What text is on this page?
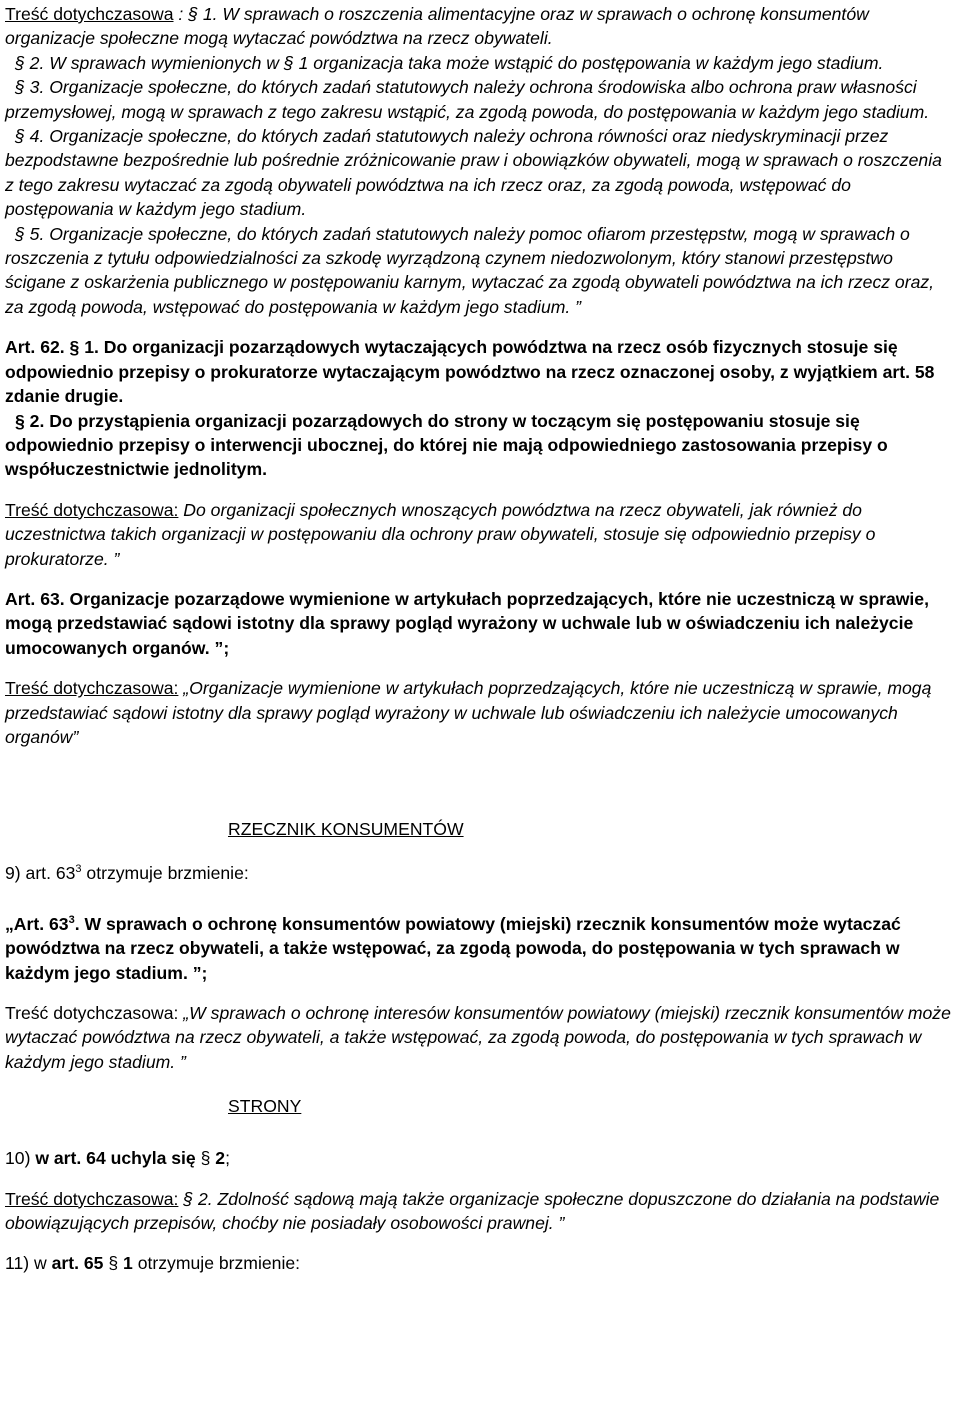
Treść dotychczasowa : § 1. W sprawach o roszczenia alimentacyjne oraz w sprawach o ochronę konsumentów organizacje społeczne mogą wytaczać powództwa na rzecz obywateli.

§ 2. W sprawach wymienionych w § 1 organizacja taka może wstąpić do postępowania w każdym jego stadium.

§ 3. Organizacje społeczne, do których zadań statutowych należy ochrona środowiska albo ochrona praw własności przemysłowej, mogą w sprawach z tego zakresu wstąpić, za zgodą powoda, do postępowania w każdym jego stadium.

§ 4. Organizacje społeczne, do których zadań statutowych należy ochrona równości oraz niedyskryminacji przez bezpodstawne bezpośrednie lub pośrednie zróżnicowanie praw i obowiązków obywateli, mogą w sprawach o roszczenia z tego zakresu wytaczać za zgodą obywateli powództwa na ich rzecz oraz, za zgodą powoda, wstępować do postępowania w każdym jego stadium.

§ 5. Organizacje społeczne, do których zadań statutowych należy pomoc ofiarom przestępstw, mogą w sprawach o roszczenia z tytułu odpowiedzialności za szkodę wyrządzoną czynem niedozwolonym, który stanowi przestępstwo ścigane z oskarżenia publicznego w postępowaniu karnym, wytaczać za zgodą obywateli powództwa na ich rzecz oraz, za zgodą powoda, wstępować do postępowania w każdym jego stadium. ”

Art. 62. § 1. Do organizacji pozarządowych wytaczających powództwa na rzecz osób fizycznych stosuje się odpowiednio przepisy o prokuratorze wytaczającym powództwo na rzecz oznaczonej osoby, z wyjątkiem art. 58 zdanie drugie.

§ 2. Do przystąpienia organizacji pozarządowych do strony w toczącym się postępowaniu stosuje się odpowiednio przepisy o interwencji ubocznej, do której nie mają odpowiedniego zastosowania przepisy o współuczestnictwie jednolitym.

Treść dotychczasowa: Do organizacji społecznych wnoszących powództwa na rzecz obywateli, jak również do uczestnictwa takich organizacji w postępowaniu dla ochrony praw obywateli, stosuje się odpowiednio przepisy o prokuratorze. ”

Art. 63. Organizacje pozarządowe wymienione w artykułach poprzedzających, które nie uczestniczą w sprawie, mogą przedstawiać sądowi istotny dla sprawy pogląd wyrażony w uchwale lub w oświadczeniu ich należycie umocowanych organów. ”;

Treść dotychczasowa: „Organizacje wymienione w artykułach poprzedzających, które nie uczestniczą w sprawie, mogą przedstawiać sądowi istotny dla sprawy pogląd wyrażony w uchwale lub oświadczeniu ich należycie umocowanych organów”

RZECZNIK KONSUMENTÓW

9) art. $63^3$ otrzymuje brzmienie:

„Art. $63^3$. W sprawach o ochronę konsumentów powiatowy (miejski) rzecznik konsumentów może wytaczać powództwa na rzecz obywateli, a także wstępować, za zgodą powoda, do postępowania w tych sprawach w każdym jego stadium. ”;

Treść dotychczasowa: „W sprawach o ochronę interesów konsumentów powiatowy (miejski) rzecznik konsumentów może wytaczać powództwa na rzecz obywateli, a także wstępować, za zgodą powoda, do postępowania w tych sprawach w każdym jego stadium. ”

STRONY

10) w art. 64 uchyla się § 2;

Treść dotychczasowa: § 2. Zdolność sądową mają także organizacje społeczne dopuszczone do działania na podstawie obowiązujących przepisów, choćby nie posiadały osobowości prawnej. ”

11) w art. 65 § 1 otrzymuje brzmienie:
